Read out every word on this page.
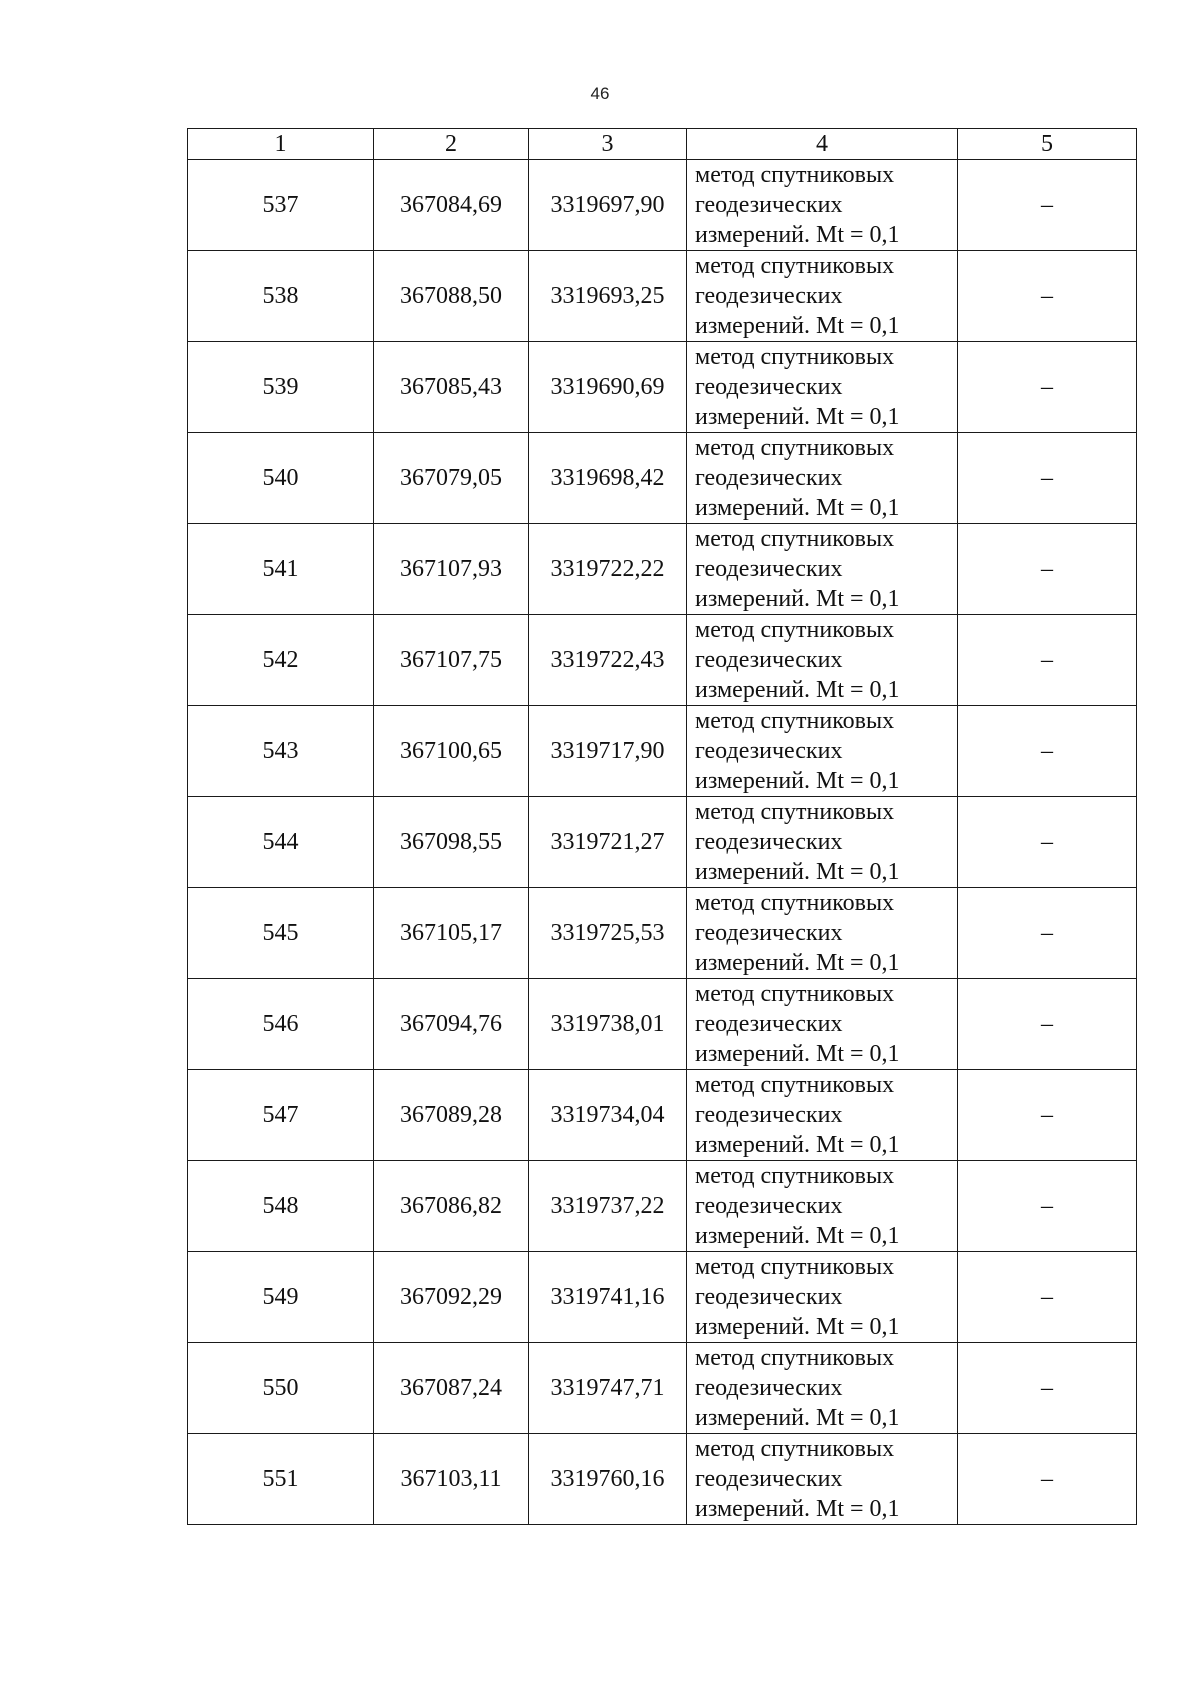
46
1	2	3	4	5
537	367084,69	3319697,90	метод спутниковых
геодезических
измерений. Mt = 0,1	–
538	367088,50	3319693,25	метод спутниковых
геодезических
измерений. Mt = 0,1	–
539	367085,43	3319690,69	метод спутниковых
геодезических
измерений. Mt = 0,1	–
540	367079,05	3319698,42	метод спутниковых
геодезических
измерений. Mt = 0,1	–
541	367107,93	3319722,22	метод спутниковых
геодезических
измерений. Mt = 0,1	–
542	367107,75	3319722,43	метод спутниковых
геодезических
измерений. Mt = 0,1	–
543	367100,65	3319717,90	метод спутниковых
геодезических
измерений. Mt = 0,1	–
544	367098,55	3319721,27	метод спутниковых
геодезических
измерений. Mt = 0,1	–
545	367105,17	3319725,53	метод спутниковых
геодезических
измерений. Mt = 0,1	–
546	367094,76	3319738,01	метод спутниковых
геодезических
измерений. Mt = 0,1	–
547	367089,28	3319734,04	метод спутниковых
геодезических
измерений. Mt = 0,1	–
548	367086,82	3319737,22	метод спутниковых
геодезических
измерений. Mt = 0,1	–
549	367092,29	3319741,16	метод спутниковых
геодезических
измерений. Mt = 0,1	–
550	367087,24	3319747,71	метод спутниковых
геодезических
измерений. Mt = 0,1	–
551	367103,11	3319760,16	метод спутниковых
геодезических
измерений. Mt = 0,1	–
